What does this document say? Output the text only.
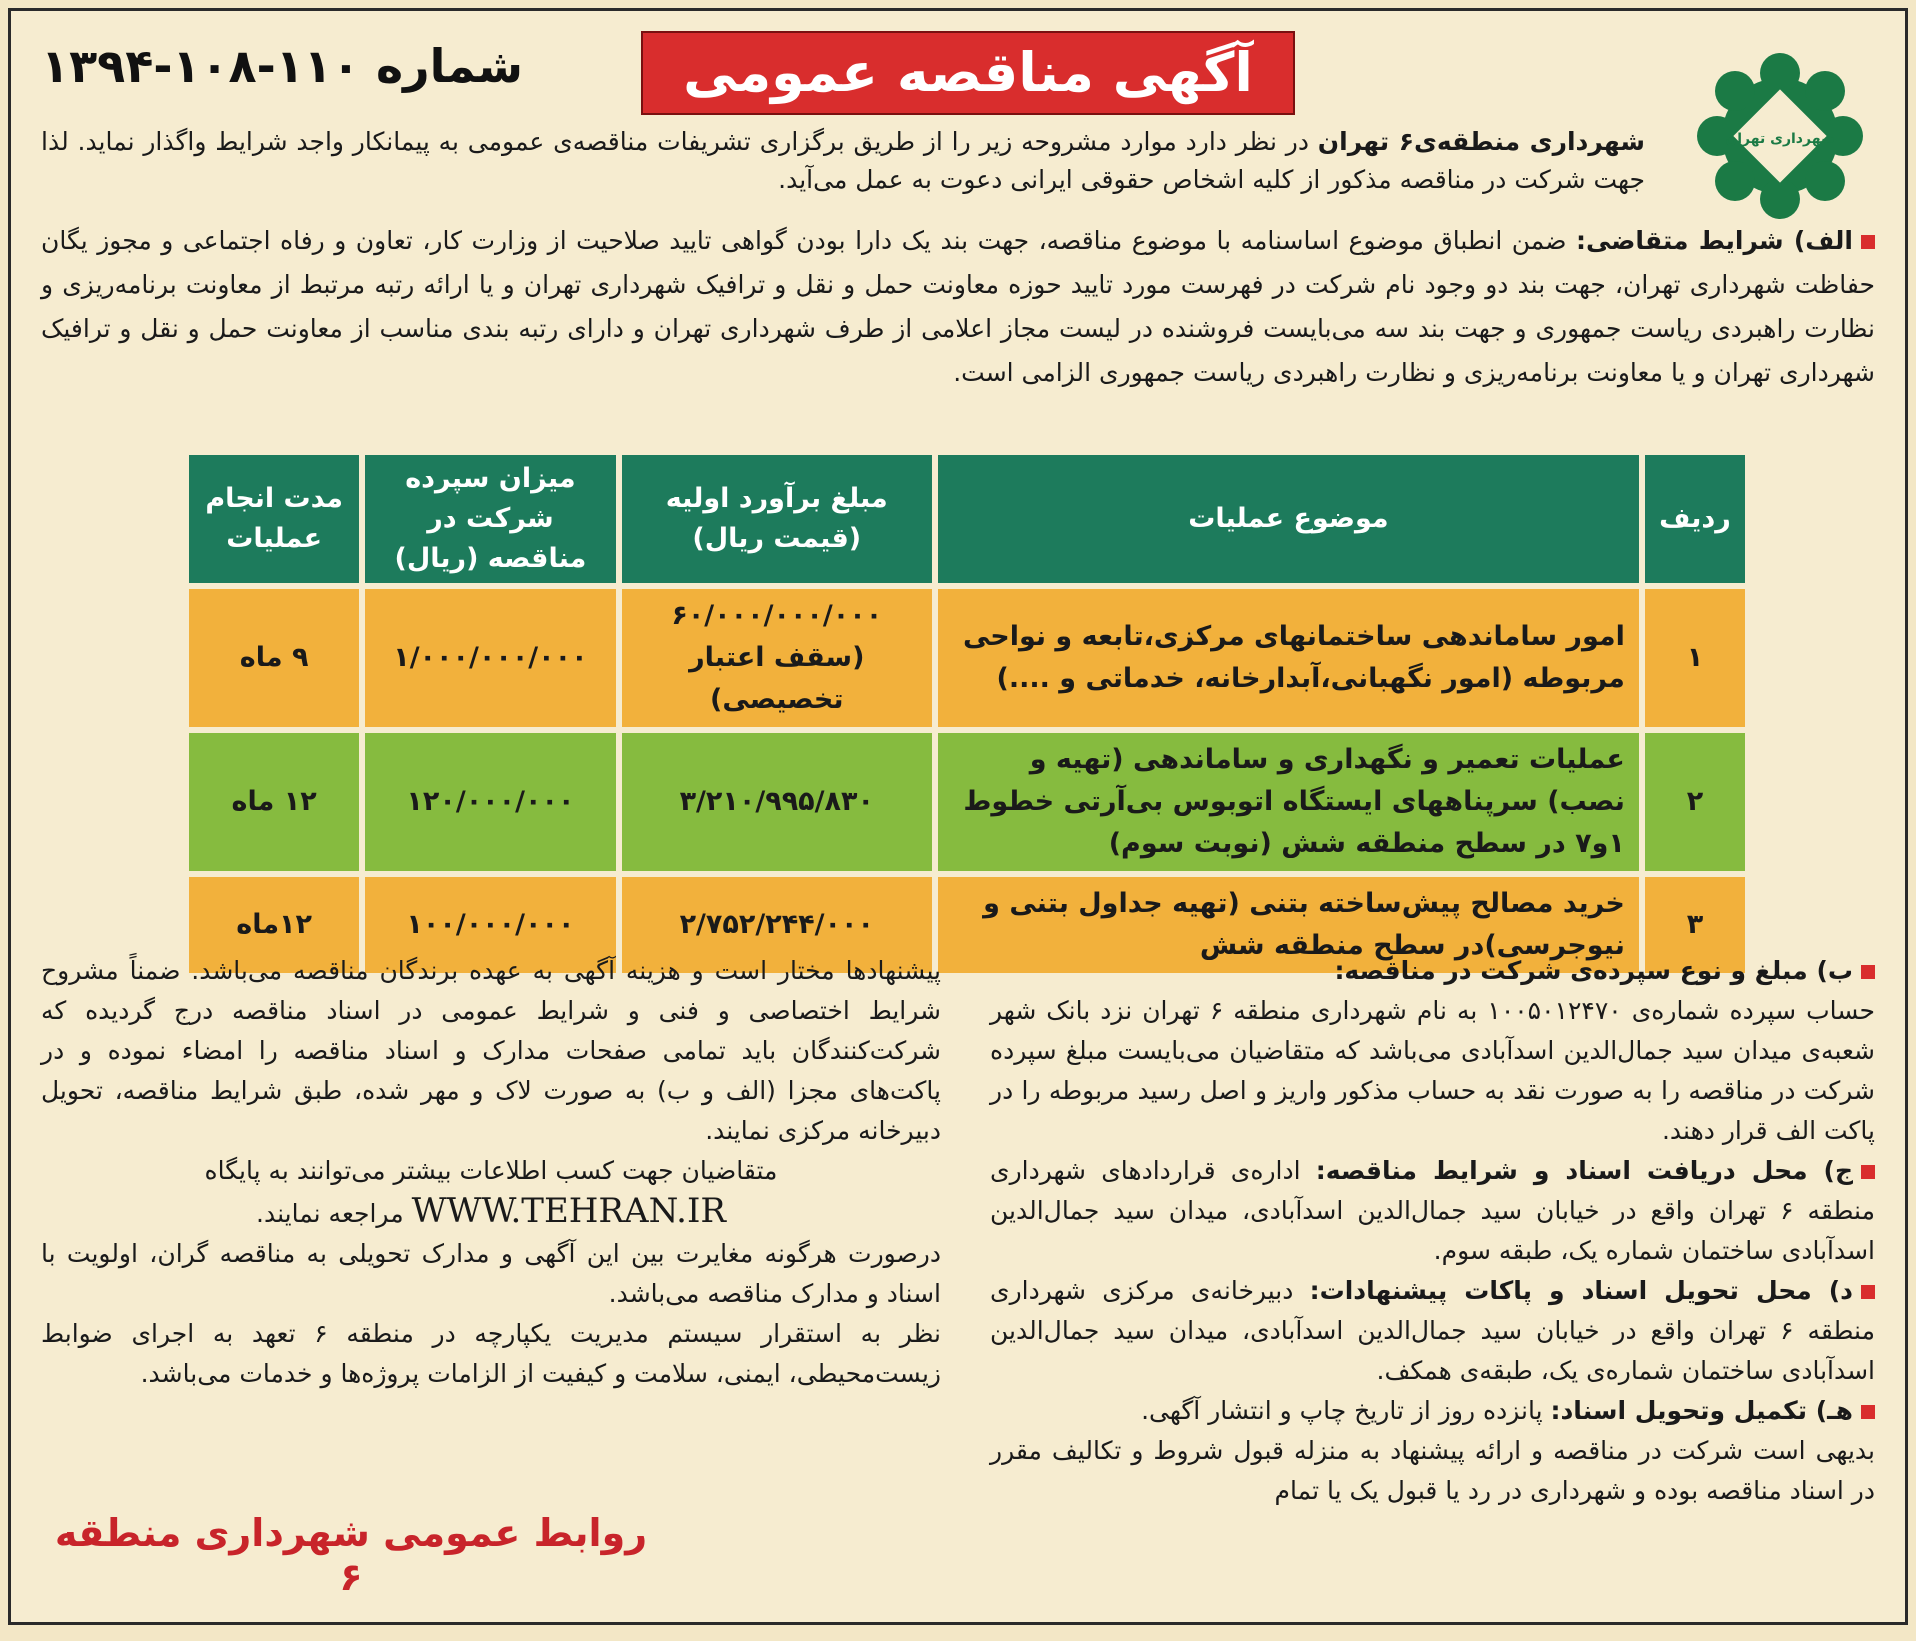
آگهی مناقصه عمومی
شماره ۱۱۰-۱۰۸-۱۳۹۴
شهرداری تهران
شهرداری منطقه‌ی۶ تهران در نظر دارد موارد مشروحه زیر را از طریق برگزاری تشریفات مناقصه‌ی عمومی به پیمانکار واجد شرایط واگذار نماید. لذا جهت شرکت در مناقصه مذکور از کلیه اشخاص حقوقی ایرانی دعوت به عمل می‌آید.
الف) شرایط متقاضی: ضمن انطباق موضوع اساسنامه با موضوع مناقصه، جهت بند یک دارا بودن گواهی تایید صلاحیت از وزارت کار، تعاون و رفاه اجتماعی و مجوز یگان حفاظت شهرداری تهران، جهت بند دو وجود نام شرکت در فهرست مورد تایید حوزه معاونت حمل و نقل و ترافیک شهرداری تهران و یا ارائه رتبه مرتبط از معاونت برنامه‌ریزی و نظارت راهبردی ریاست جمهوری و جهت بند سه می‌بایست فروشنده در لیست مجاز اعلامی از طرف شهرداری تهران و دارای رتبه بندی مناسب از معاونت حمل و نقل و ترافیک شهرداری تهران و یا معاونت برنامه‌ریزی و نظارت راهبردی ریاست جمهوری الزامی است.
ردیف	موضوع عملیات	مبلغ برآورد اولیه (قیمت ریال)	میزان سپرده شرکت در مناقصه (ریال)	مدت انجام عملیات
۱	امور ساماندهی ساختمانهای مرکزی،تابعه و نواحی مربوطه (امور نگهبانی،آبدارخانه، خدماتی و ....)	۶۰/۰۰۰/۰۰۰/۰۰۰ (سقف اعتبار تخصیصی)	۱/۰۰۰/۰۰۰/۰۰۰	۹ ماه
۲	عملیات تعمیر و نگهداری و ساماندهی (تهیه و نصب) سرپناههای ایستگاه اتوبوس بی‌آرتی خطوط ۱و۷ در سطح منطقه شش (نوبت سوم)	۳/۲۱۰/۹۹۵/۸۳۰	۱۲۰/۰۰۰/۰۰۰	۱۲ ماه
۳	خرید مصالح پیش‌ساخته بتنی (تهیه جداول بتنی و نیوجرسی)در سطح منطقه شش	۲/۷۵۲/۲۴۴/۰۰۰	۱۰۰/۰۰۰/۰۰۰	۱۲ماه
ب) مبلغ و نوع سپرده‌ی شرکت در مناقصه:
حساب سپرده شماره‌ی ۱۰۰۵۰۱۲۴۷۰ به نام شهرداری منطقه ۶ تهران نزد بانک شهر شعبه‌ی میدان سید جمال‌الدین اسدآبادی می‌باشد که متقاضیان می‌بایست مبلغ سپرده شرکت در مناقصه را به صورت نقد به حساب مذکور واریز و اصل رسید مربوطه را در پاکت الف قرار دهند.
ج) محل دریافت اسناد و شرایط مناقصه: اداره‌ی قراردادهای شهرداری منطقه ۶ تهران واقع در خیابان سید جمال‌الدین اسدآبادی، میدان سید جمال‌الدین اسدآبادی ساختمان شماره یک، طبقه سوم.
د) محل تحویل اسناد و پاکات پیشنهادات: دبیرخانه‌ی مرکزی شهرداری منطقه ۶ تهران واقع در خیابان سید جمال‌الدین اسدآبادی، میدان سید جمال‌الدین اسدآبادی ساختمان شماره‌ی یک، طبقه‌ی همکف.
هـ) تکمیل وتحویل اسناد: پانزده روز از تاریخ چاپ و انتشار آگهی.
بدیهی است شرکت در مناقصه و ارائه پیشنهاد به منزله قبول شروط و تکالیف مقرر در اسناد مناقصه بوده و شهرداری در رد یا قبول یک یا تمام
پیشنهادها مختار است و هزینه آگهی به عهده برندگان مناقصه می‌باشد. ضمناً مشروح شرایط اختصاصی و فنی و شرایط عمومی در اسناد مناقصه درج گردیده که شرکت‌کنندگان باید تمامی صفحات مدارک و اسناد مناقصه را امضاء نموده و در پاکت‌های مجزا (الف و ب) به صورت لاک و مهر شده، طبق شرایط مناقصه، تحویل دبیرخانه مرکزی نمایند.
متقاضیان جهت کسب اطلاعات بیشتر می‌توانند به پایگاه
WWW.TEHRAN.IR مراجعه نمایند.
درصورت هرگونه مغایرت بین این آگهی و مدارک تحویلی به مناقصه گران، اولویت با اسناد و مدارک مناقصه می‌باشد.
نظر به استقرار سیستم مدیریت یکپارچه در منطقه ۶ تعهد به اجرای ضوابط زیست‌محیطی، ایمنی، سلامت و کیفیت از الزامات پروژه‌ها و خدمات می‌باشد.
روابط عمومی شهرداری منطقه ۶
